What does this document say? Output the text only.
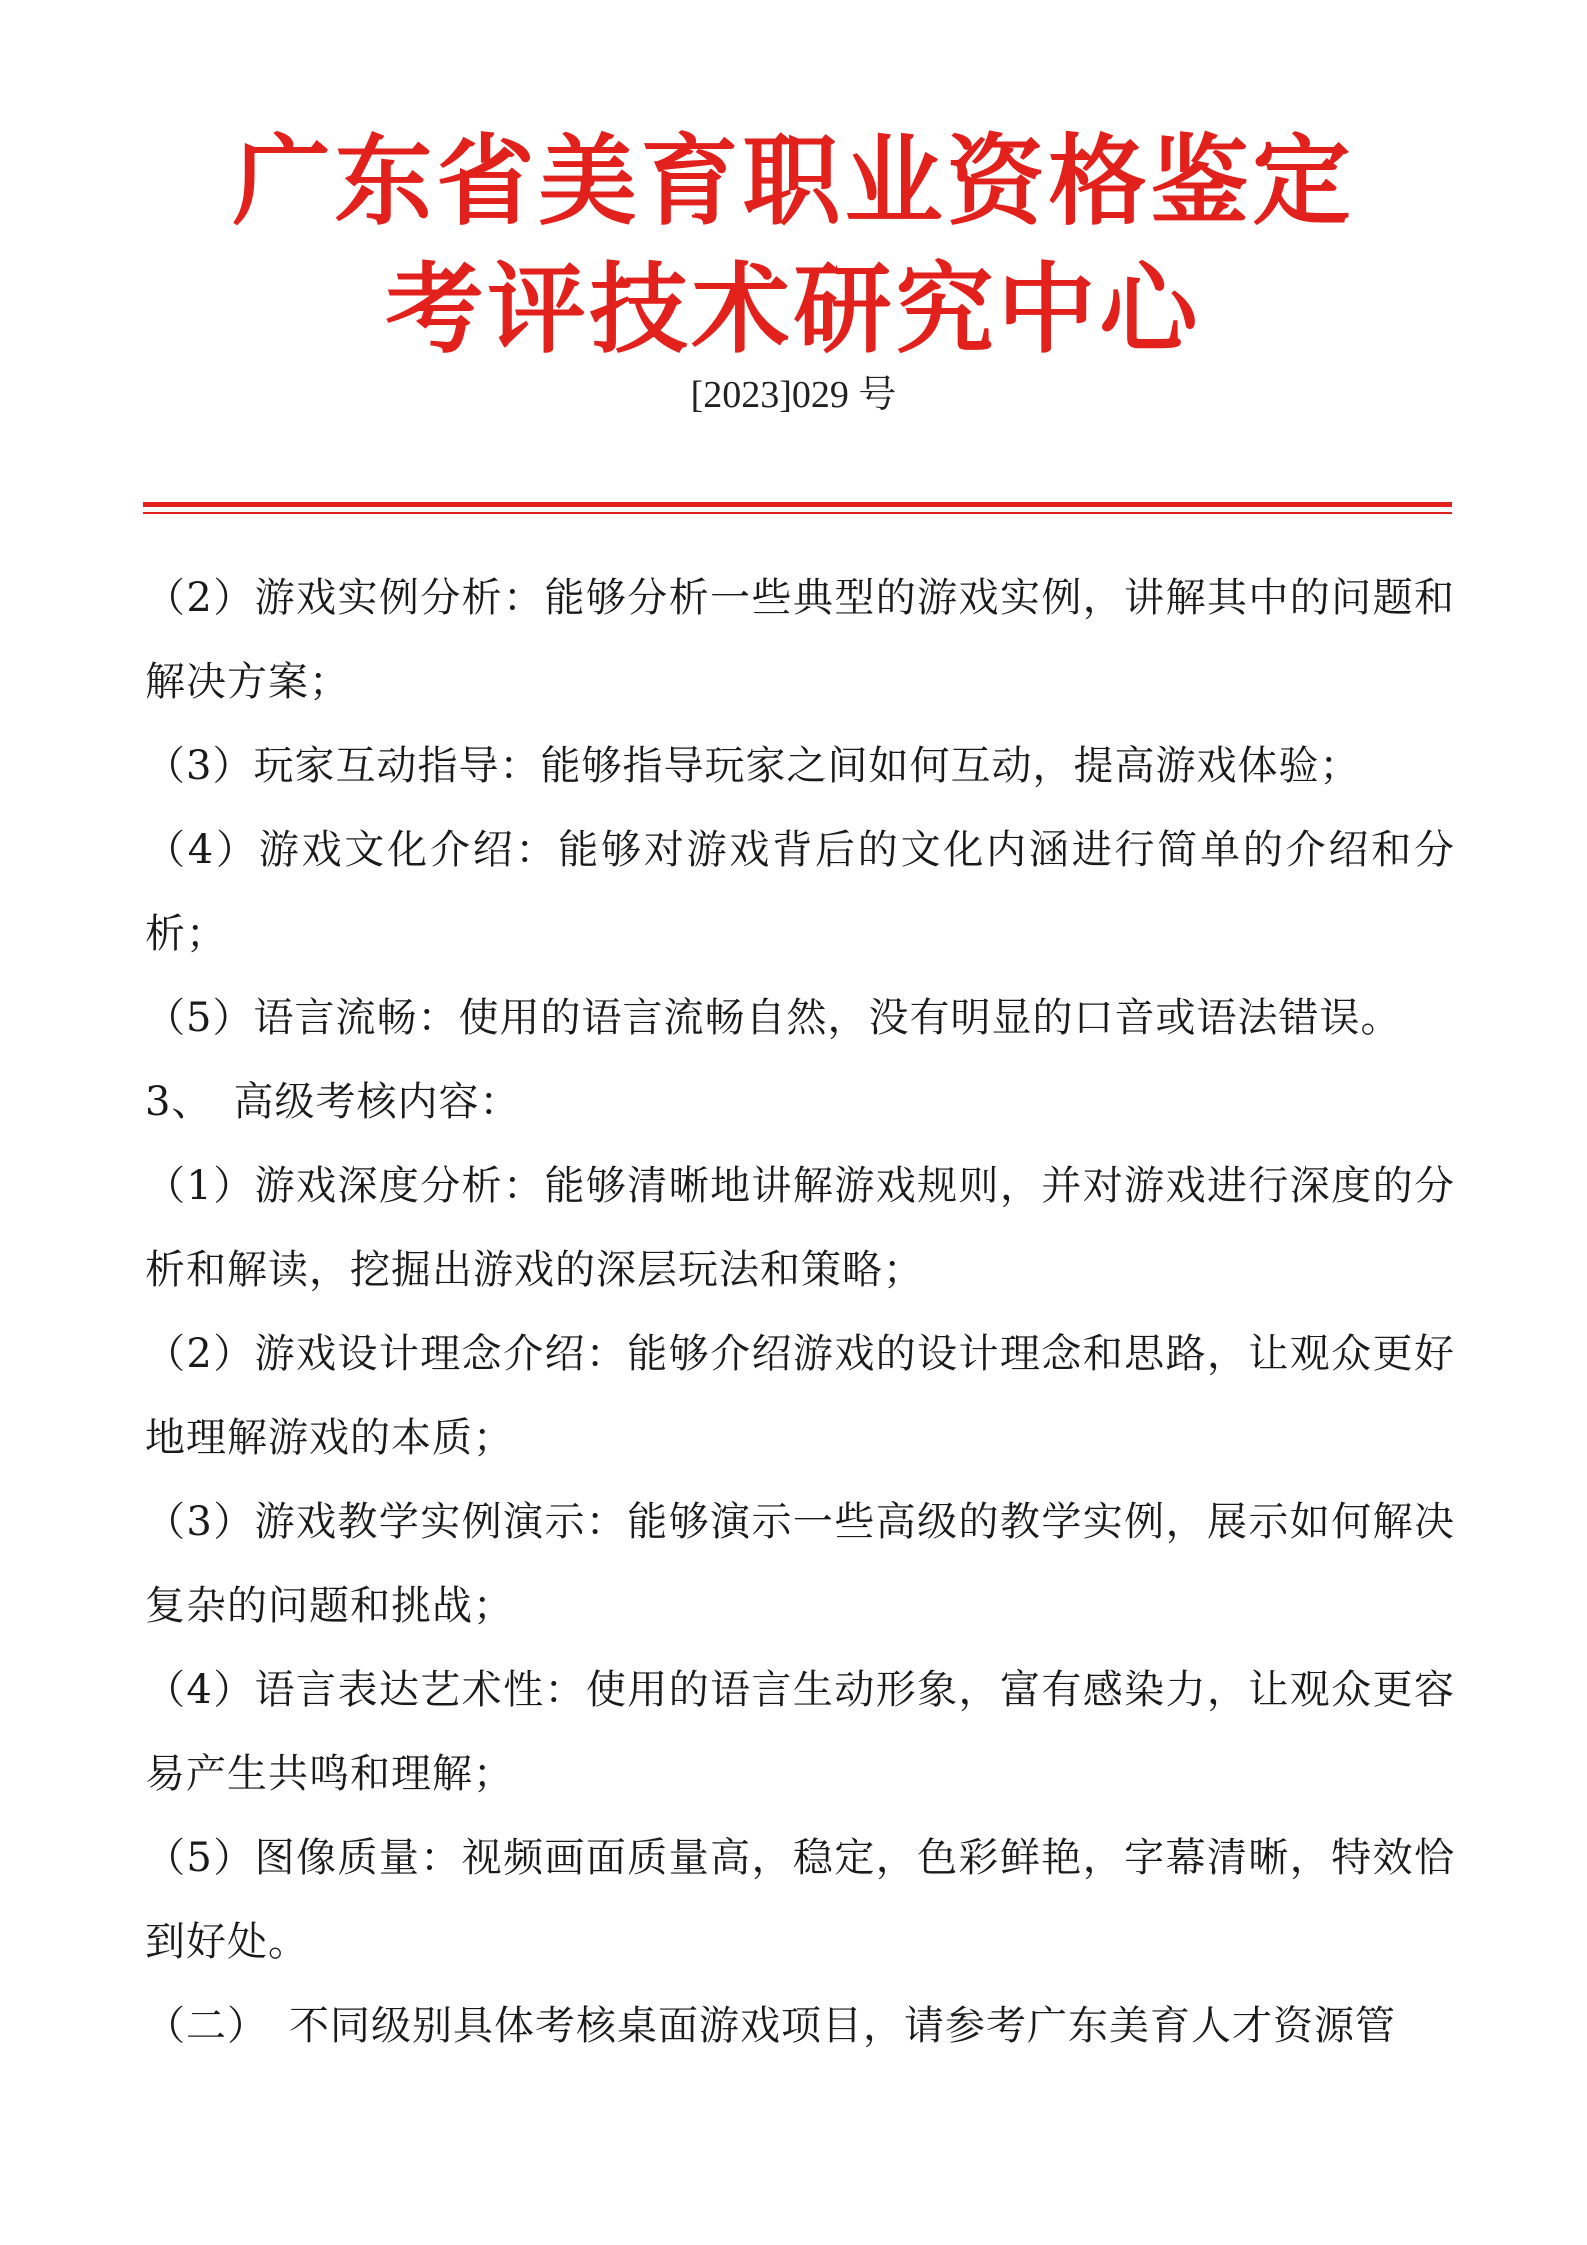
广东省美育职业资格鉴定
考评技术研究中心
[2023]029 号

（2）游戏实例分析：能够分析一些典型的游戏实例，讲解其中的问题和解决方案；

（3）玩家互动指导：能够指导玩家之间如何互动，提高游戏体验；

（4）游戏文化介绍：能够对游戏背后的文化内涵进行简单的介绍和分析；

（5）语言流畅：使用的语言流畅自然，没有明显的口音或语法错误。

3、　高级考核内容：

（1）游戏深度分析：能够清晰地讲解游戏规则，并对游戏进行深度的分析和解读，挖掘出游戏的深层玩法和策略；

（2）游戏设计理念介绍：能够介绍游戏的设计理念和思路，让观众更好地理解游戏的本质；

（3）游戏教学实例演示：能够演示一些高级的教学实例，展示如何解决复杂的问题和挑战；

（4）语言表达艺术性：使用的语言生动形象，富有感染力，让观众更容易产生共鸣和理解；

（5）图像质量：视频画面质量高，稳定，色彩鲜艳，字幕清晰，特效恰到好处。

（二）　不同级别具体考核桌面游戏项目，请参考广东美育人才资源管
